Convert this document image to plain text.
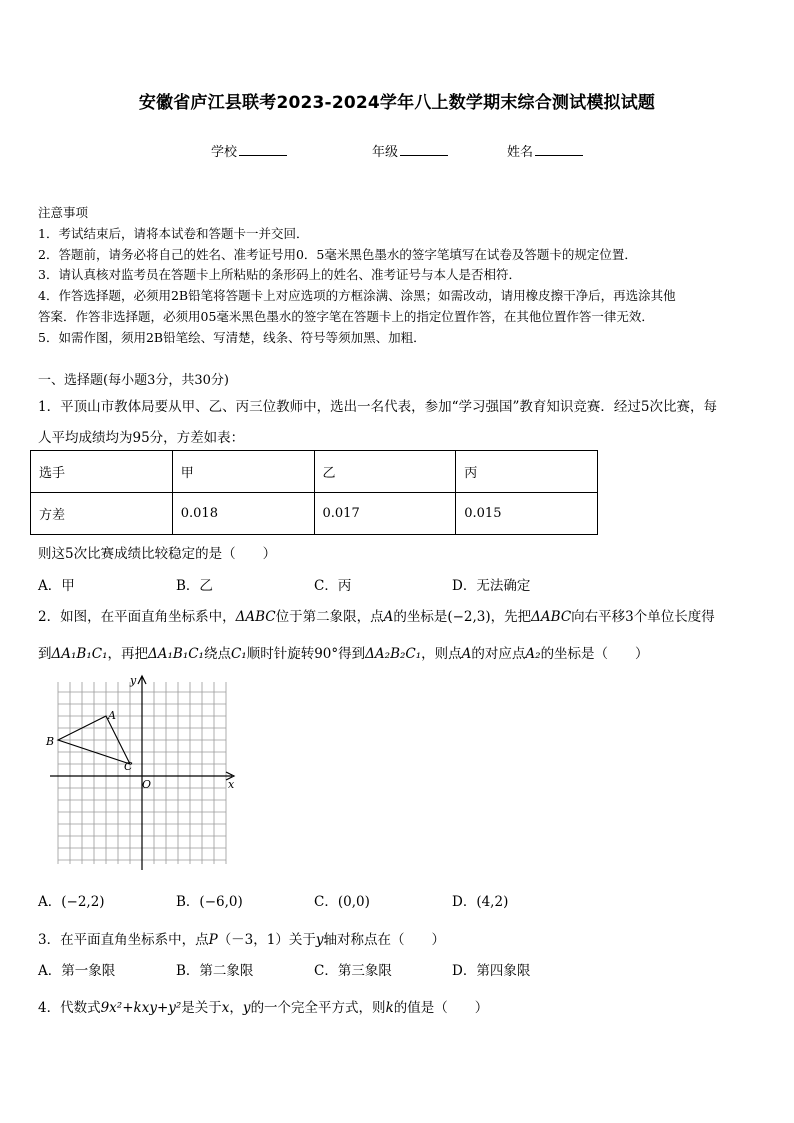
安徽省庐江县联考2023-2024学年八上数学期末综合测试模拟试题
学校	年级	姓名
注意事项
1．考试结束后，请将本试卷和答题卡一并交回．
2．答题前，请务必将自己的姓名、准考证号用0．5毫米黑色墨水的签字笔填写在试卷及答题卡的规定位置．
3．请认真核对监考员在答题卡上所粘贴的条形码上的姓名、准考证号与本人是否相符．
4．作答选择题，必须用2B铅笔将答题卡上对应选项的方框涂满、涂黑；如需改动，请用橡皮擦干净后，再选涂其他
答案．作答非选择题，必须用05毫米黑色墨水的签字笔在答题卡上的指定位置作答，在其他位置作答一律无效．
5．如需作图，须用2B铅笔绘、写清楚，线条、符号等须加黑、加粗．
一、选择题(每小题3分，共30分)
1．平顶山市教体局要从甲、乙、丙三位教师中，选出一名代表，参加“学习强国”教育知识竞赛．经过5次比赛，每
人平均成绩均为95分，方差如表：
选手	甲	乙	丙
方差	0.018	0.017	0.015
则这5次比赛成绩比较稳定的是（　　）
A．甲	B．乙	C．丙	D．无法确定
2．如图，在平面直角坐标系中，ΔABC位于第二象限，点A的坐标是(−2,3)，先把ΔABC向右平移3个单位长度得
到ΔA₁B₁C₁，再把ΔA₁B₁C₁绕点C₁顺时针旋转90°得到ΔA₂B₂C₁，则点A的对应点A₂的坐标是（　　）
y
x
O
A
B
C
A．(−2,2)	B．(−6,0)	C．(0,0)	D．(4,2)
3．在平面直角坐标系中，点P（－3，1）关于y轴对称点在（　　）
A．第一象限	B．第二象限	C．第三象限	D．第四象限
4．代数式9x²+kxy+y²是关于x，y的一个完全平方式，则k的值是（　　）
